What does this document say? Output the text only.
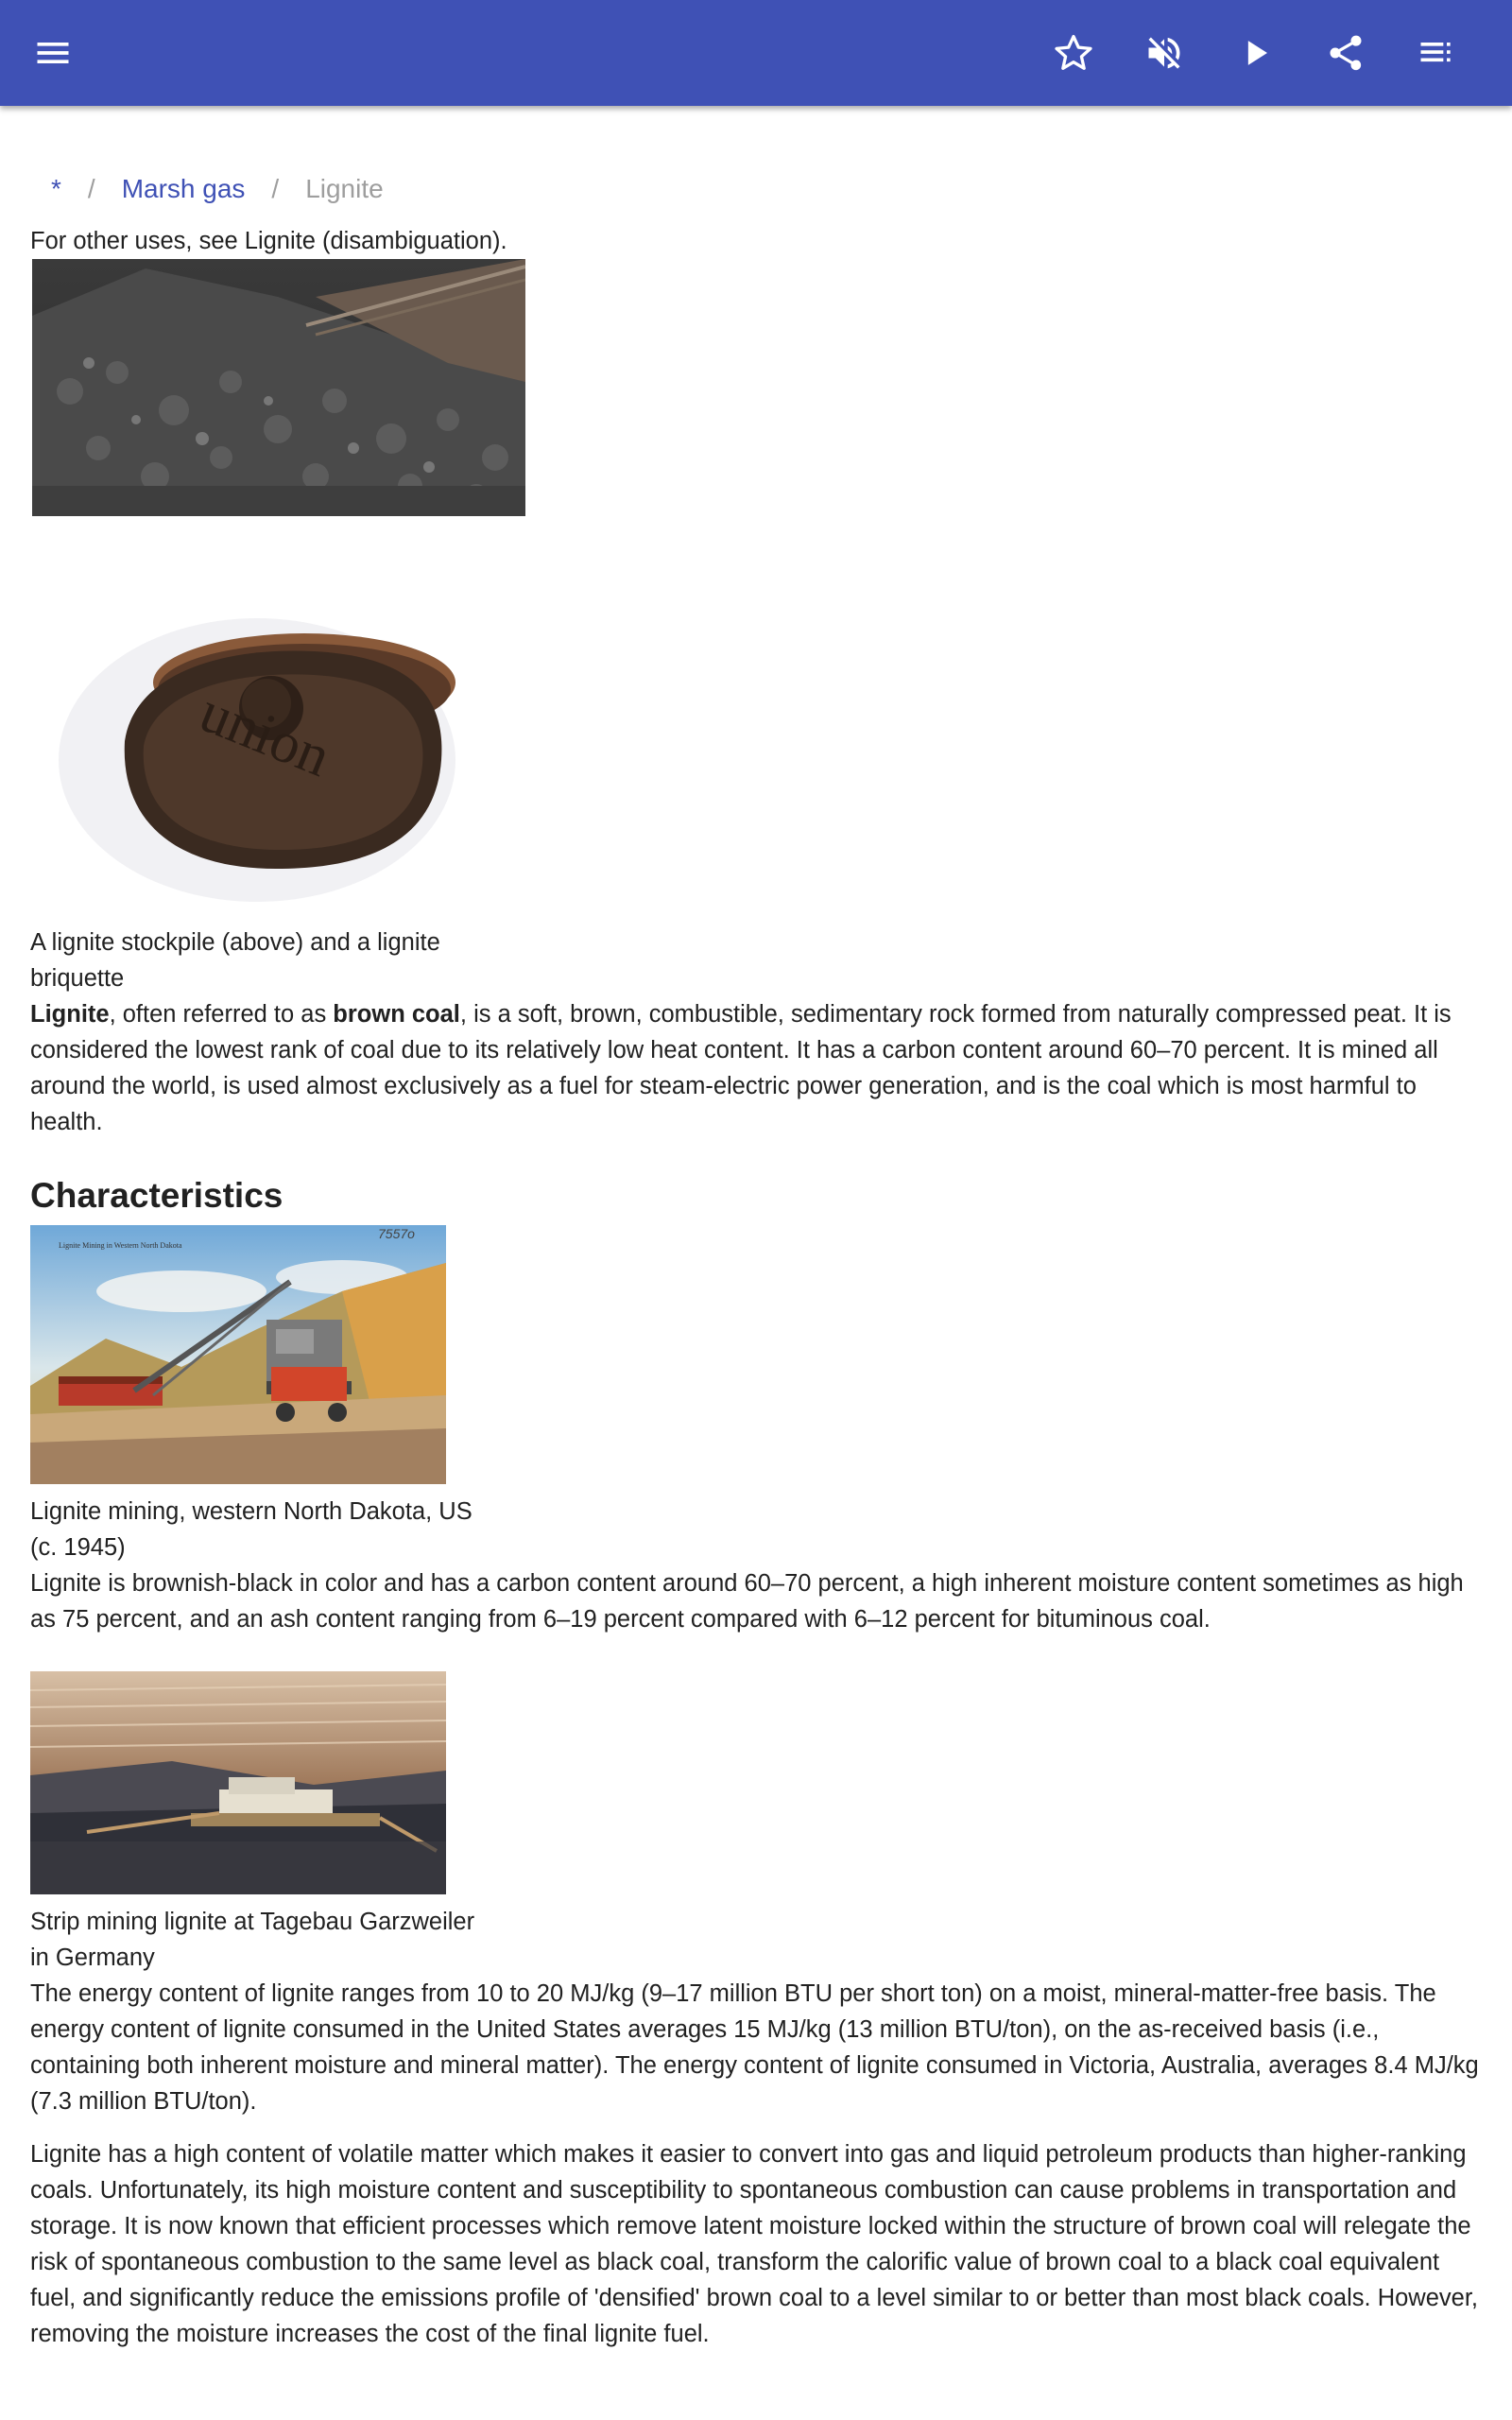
* / Marsh gas / Lignite

For other uses, see Lignite (disambiguation).

union
A lignite stockpile (above) and a lignite briquette

Lignite, often referred to as brown coal, is a soft, brown, combustible, sedimentary rock formed from naturally compressed peat. It is considered the lowest rank of coal due to its relatively low heat content. It has a carbon content around 60–70 percent. It is mined all around the world, is used almost exclusively as a fuel for steam-electric power generation, and is the coal which is most harmful to health.

Characteristics
Lignite Mining in Western North Dakota
7557o
Lignite mining, western North Dakota, US (c. 1945)

Lignite is brownish-black in color and has a carbon content around 60–70 percent, a high inherent moisture content sometimes as high as 75 percent, and an ash content ranging from 6–19 percent compared with 6–12 percent for bituminous coal.

Strip mining lignite at Tagebau Garzweiler in Germany

The energy content of lignite ranges from 10 to 20 MJ/kg (9–17 million BTU per short ton) on a moist, mineral-matter-free basis. The energy content of lignite consumed in the United States averages 15 MJ/kg (13 million BTU/ton), on the as-received basis (i.e., containing both inherent moisture and mineral matter). The energy content of lignite consumed in Victoria, Australia, averages 8.4 MJ/kg (7.3 million BTU/ton).

Lignite has a high content of volatile matter which makes it easier to convert into gas and liquid petroleum products than higher-ranking coals. Unfortunately, its high moisture content and susceptibility to spontaneous combustion can cause problems in transportation and storage. It is now known that efficient processes which remove latent moisture locked within the structure of brown coal will relegate the risk of spontaneous combustion to the same level as black coal, transform the calorific value of brown coal to a black coal equivalent fuel, and significantly reduce the emissions profile of 'densified' brown coal to a level similar to or better than most black coals. However, removing the moisture increases the cost of the final lignite fuel.
